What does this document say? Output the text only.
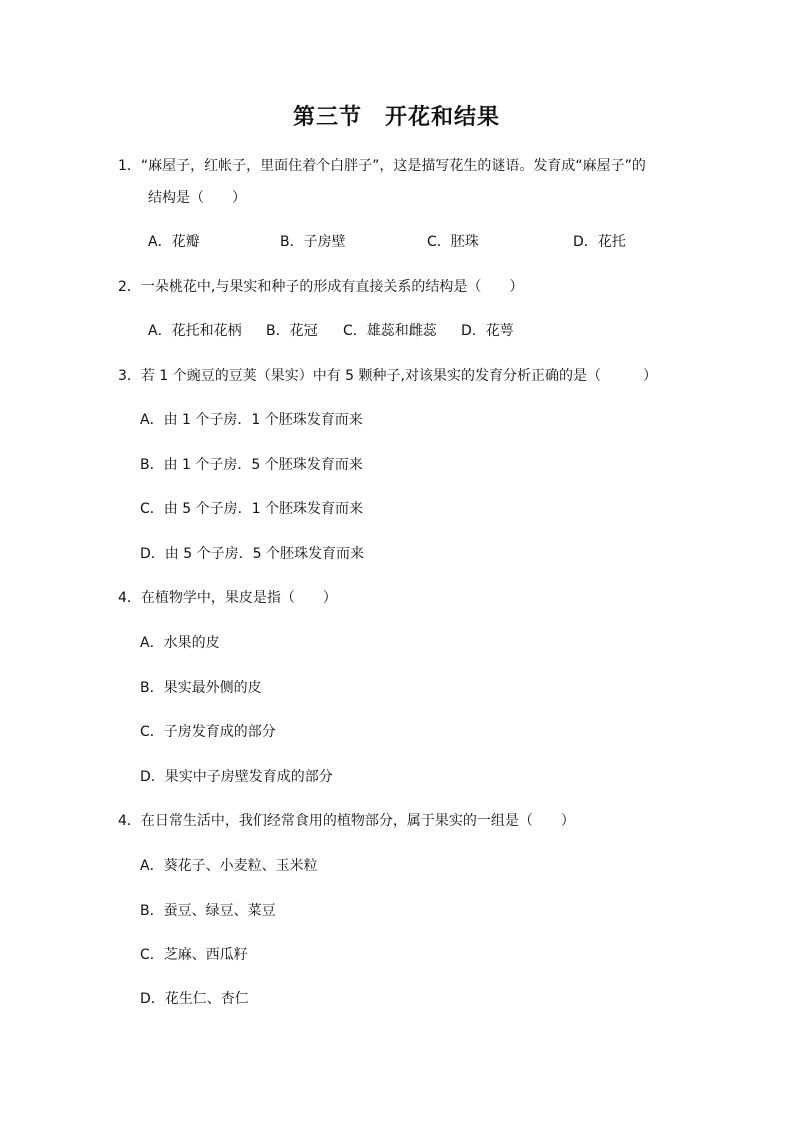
第三节　开花和结果
1．“麻屋子，红帐子，里面住着个白胖子”，这是描写花生的谜语。发育成“麻屋子”的
结构是（　　）
A．花瓣	B．子房壁	C．胚珠	D．花托
2．一朵桃花中,与果实和种子的形成有直接关系的结构是（　　）
A．花托和花柄 B．花冠 C．雄蕊和雌蕊 D．花萼
3．若 1 个豌豆的豆荚（果实）中有 5 颗种子,对该果实的发育分析正确的是（　　　）
A．由 1 个子房．1 个胚珠发育而来
B．由 1 个子房．5 个胚珠发育而来
C．由 5 个子房．1 个胚珠发育而来
D．由 5 个子房．5 个胚珠发育而来
4．在植物学中，果皮是指（　　）
A．水果的皮
B．果实最外侧的皮
C．子房发育成的部分
D．果实中子房壁发育成的部分
4．在日常生活中，我们经常食用的植物部分，属于果实的一组是（　　）
A．葵花子、小麦粒、玉米粒
B．蚕豆、绿豆、菜豆
C．芝麻、西瓜籽
D．花生仁、杏仁
